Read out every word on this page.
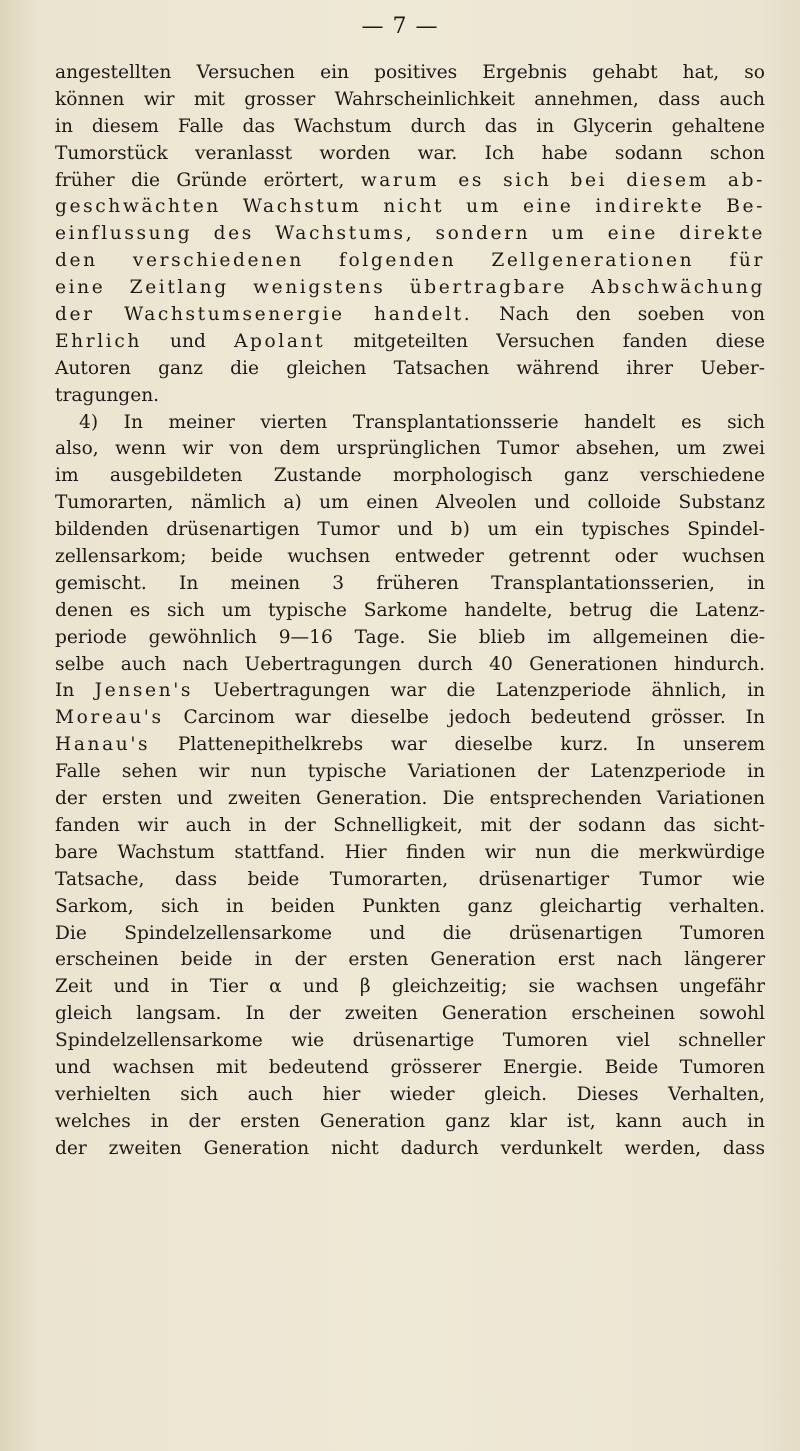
— 7 —
angestellten Versuchen ein positives Ergebnis gehabt hat, so
können wir mit grosser Wahrscheinlichkeit annehmen, dass auch
in diesem Falle das Wachstum durch das in Glycerin gehaltene
Tumorstück veranlasst worden war. Ich habe sodann schon
früher die Gründe erörtert, warum es sich bei diesem ab-
geschwächten Wachstum nicht um eine indirekte Be-
einflussung des Wachstums, sondern um eine direkte
den verschiedenen folgenden Zellgenerationen für
eine Zeitlang wenigstens übertragbare Abschwächung
der Wachstumsenergie handelt. Nach den soeben von
Ehrlich und Apolant mitgeteilten Versuchen fanden diese
Autoren ganz die gleichen Tatsachen während ihrer Ueber-
tragungen.
4) In meiner vierten Transplantationsserie handelt es sich
also, wenn wir von dem ursprünglichen Tumor absehen, um zwei
im ausgebildeten Zustande morphologisch ganz verschiedene
Tumorarten, nämlich a) um einen Alveolen und colloide Substanz
bildenden drüsenartigen Tumor und b) um ein typisches Spindel-
zellensarkom; beide wuchsen entweder getrennt oder wuchsen
gemischt. In meinen 3 früheren Transplantationsserien, in
denen es sich um typische Sarkome handelte, betrug die Latenz-
periode gewöhnlich 9—16 Tage. Sie blieb im allgemeinen die-
selbe auch nach Uebertragungen durch 40 Generationen hindurch.
In Jensen's Uebertragungen war die Latenzperiode ähnlich, in
Moreau's Carcinom war dieselbe jedoch bedeutend grösser. In
Hanau's Plattenepithelkrebs war dieselbe kurz. In unserem
Falle sehen wir nun typische Variationen der Latenzperiode in
der ersten und zweiten Generation. Die entsprechenden Variationen
fanden wir auch in der Schnelligkeit, mit der sodann das sicht-
bare Wachstum stattfand. Hier finden wir nun die merkwürdige
Tatsache, dass beide Tumorarten, drüsenartiger Tumor wie
Sarkom, sich in beiden Punkten ganz gleichartig verhalten.
Die Spindelzellensarkome und die drüsenartigen Tumoren
erscheinen beide in der ersten Generation erst nach längerer
Zeit und in Tier α und β gleichzeitig; sie wachsen ungefähr
gleich langsam. In der zweiten Generation erscheinen sowohl
Spindelzellensarkome wie drüsenartige Tumoren viel schneller
und wachsen mit bedeutend grösserer Energie. Beide Tumoren
verhielten sich auch hier wieder gleich. Dieses Verhalten,
welches in der ersten Generation ganz klar ist, kann auch in
der zweiten Generation nicht dadurch verdunkelt werden, dass
